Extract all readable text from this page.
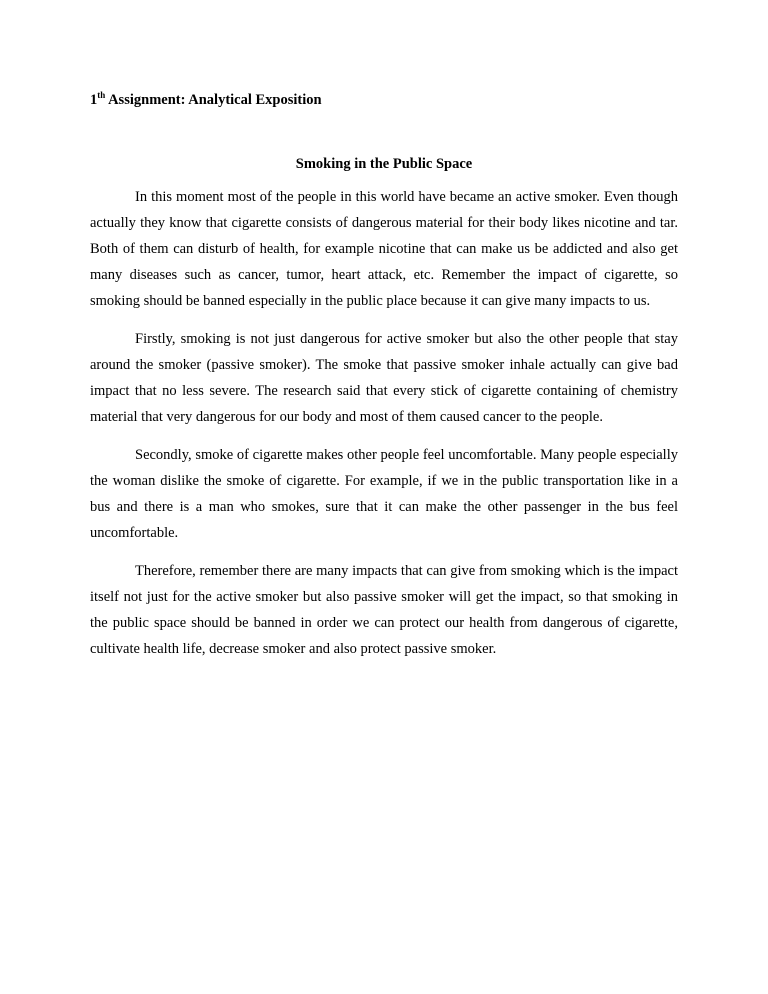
1th Assignment: Analytical Exposition

Smoking in the Public Space

In this moment most of the people in this world have became an active smoker. Even though actually they know that cigarette consists of dangerous material for their body likes nicotine and tar. Both of them can disturb of health, for example nicotine that can make us be addicted and also get many diseases such as cancer, tumor, heart attack, etc. Remember the impact of cigarette, so smoking should be banned especially in the public place because it can give many impacts to us.

Firstly, smoking is not just dangerous for active smoker but also the other people that stay around the smoker (passive smoker). The smoke that passive smoker inhale actually can give bad impact that no less severe. The research said that every stick of cigarette containing of chemistry material that very dangerous for our body and most of them caused cancer to the people.

Secondly, smoke of cigarette makes other people feel uncomfortable. Many people especially the woman dislike the smoke of cigarette. For example, if we in the public transportation like in a bus and there is a man who smokes, sure that it can make the other passenger in the bus feel uncomfortable.

Therefore, remember there are many impacts that can give from smoking which is the impact itself not just for the active smoker but also passive smoker will get the impact, so that smoking in the public space should be banned in order we can protect our health from dangerous of cigarette, cultivate health life, decrease smoker and also protect passive smoker.
